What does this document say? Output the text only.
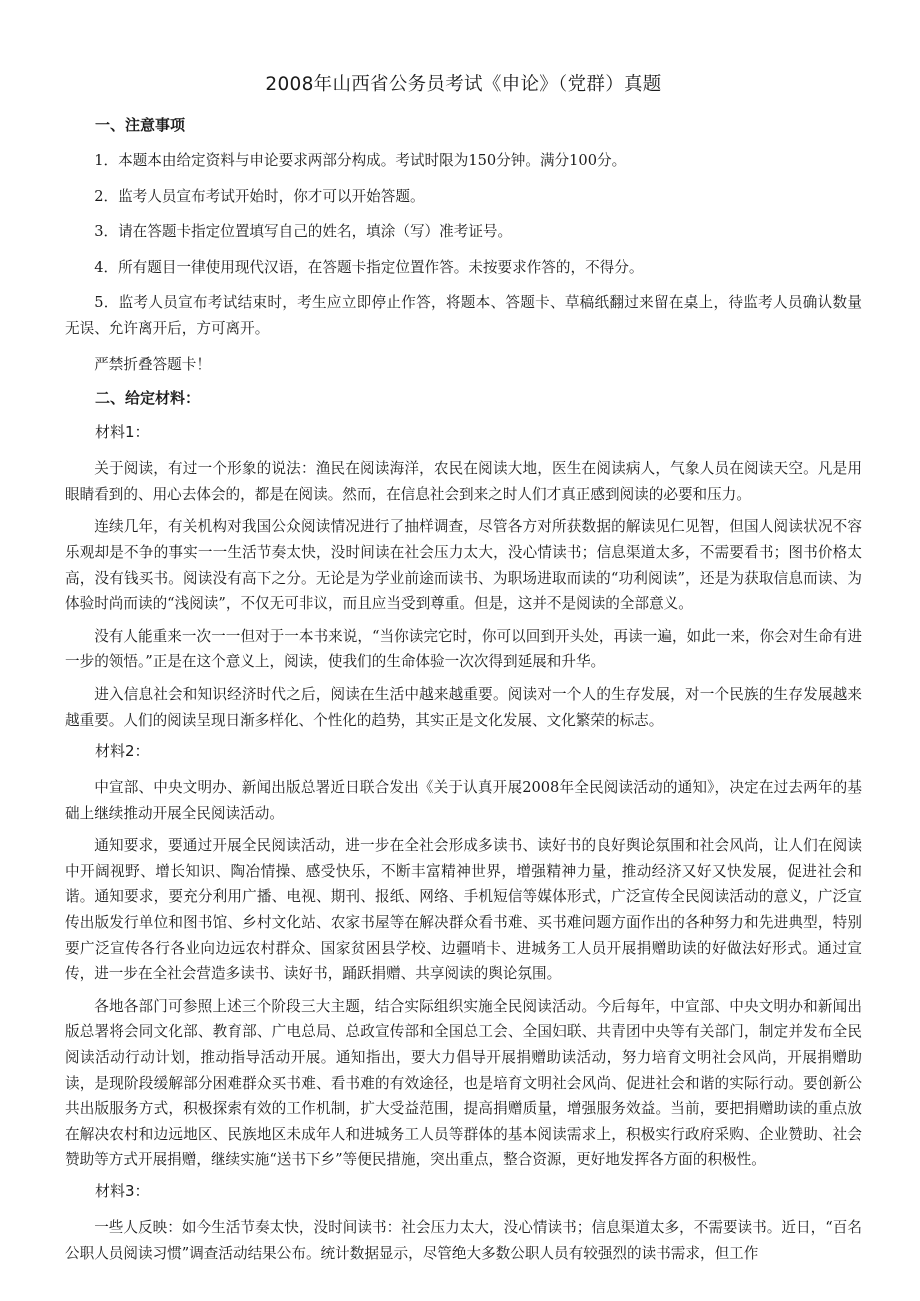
2008年山西省公务员考试《申论》（党群）真题
一、注意事项

1．本题本由给定资料与申论要求两部分构成。考试时限为150分钟。满分100分。

2．监考人员宣布考试开始时，你才可以开始答题。

3．请在答题卡指定位置填写自己的姓名，填涂（写）准考证号。

4．所有题目一律使用现代汉语，在答题卡指定位置作答。未按要求作答的，不得分。

5．监考人员宣布考试结束时，考生应立即停止作答，将题本、答题卡、草稿纸翻过来留在桌上，待监考人员确认数量无误、允许离开后，方可离开。

严禁折叠答题卡！

二、给定材料：
材料1：

关于阅读，有过一个形象的说法：渔民在阅读海洋，农民在阅读大地，医生在阅读病人，气象人员在阅读天空。凡是用眼睛看到的、用心去体会的，都是在阅读。然而，在信息社会到来之时人们才真正感到阅读的必要和压力。

连续几年，有关机构对我国公众阅读情况进行了抽样调查，尽管各方对所获数据的解读见仁见智，但国人阅读状况不容乐观却是不争的事实一一生活节奏太快，没时间读在社会压力太大，没心情读书；信息渠道太多，不需要看书；图书价格太高，没有钱买书。阅读没有高下之分。无论是为学业前途而读书、为职场进取而读的“功利阅读”，还是为获取信息而读、为体验时尚而读的“浅阅读”，不仅无可非议，而且应当受到尊重。但是，这并不是阅读的全部意义。

没有人能重来一次一一但对于一本书来说，“当你读完它时，你可以回到开头处，再读一遍，如此一来，你会对生命有进一步的领悟。”正是在这个意义上，阅读，使我们的生命体验一次次得到延展和升华。

进入信息社会和知识经济时代之后，阅读在生活中越来越重要。阅读对一个人的生存发展，对一个民族的生存发展越来越重要。人们的阅读呈现日渐多样化、个性化的趋势，其实正是文化发展、文化繁荣的标志。

材料2：

中宣部、中央文明办、新闻出版总署近日联合发出《关于认真开展2008年全民阅读活动的通知》，决定在过去两年的基础上继续推动开展全民阅读活动。

通知要求，要通过开展全民阅读活动，进一步在全社会形成多读书、读好书的良好舆论氛围和社会风尚，让人们在阅读中开阔视野、增长知识、陶冶情操、感受快乐，不断丰富精神世界，增强精神力量，推动经济又好又快发展，促进社会和谐。通知要求，要充分利用广播、电视、期刊、报纸、网络、手机短信等媒体形式，广泛宣传全民阅读活动的意义，广泛宣传出版发行单位和图书馆、乡村文化站、农家书屋等在解决群众看书难、买书难问题方面作出的各种努力和先进典型，特别要广泛宣传各行各业向边远农村群众、国家贫困县学校、边疆哨卡、进城务工人员开展捐赠助读的好做法好形式。通过宣传，进一步在全社会营造多读书、读好书，踊跃捐赠、共享阅读的舆论氛围。

各地各部门可参照上述三个阶段三大主题，结合实际组织实施全民阅读活动。今后每年，中宣部、中央文明办和新闻出版总署将会同文化部、教育部、广电总局、总政宣传部和全国总工会、全国妇联、共青团中央等有关部门，制定并发布全民阅读活动行动计划，推动指导活动开展。通知指出，要大力倡导开展捐赠助读活动，努力培育文明社会风尚，开展捐赠助读，是现阶段缓解部分困难群众买书难、看书难的有效途径，也是培育文明社会风尚、促进社会和谐的实际行动。要创新公共出版服务方式，积极探索有效的工作机制，扩大受益范围，提高捐赠质量，增强服务效益。当前，要把捐赠助读的重点放在解决农村和边远地区、民族地区未成年人和进城务工人员等群体的基本阅读需求上，积极实行政府采购、企业赞助、社会赞助等方式开展捐赠，继续实施“送书下乡”等便民措施，突出重点，整合资源，更好地发挥各方面的积极性。

材料3：

一些人反映：如今生活节奏太快，没时间读书：社会压力太大，没心情读书；信息渠道太多，不需要读书。近日，“百名公职人员阅读习惯”调查活动结果公布。统计数据显示，尽管绝大多数公职人员有较强烈的读书需求，但工作
